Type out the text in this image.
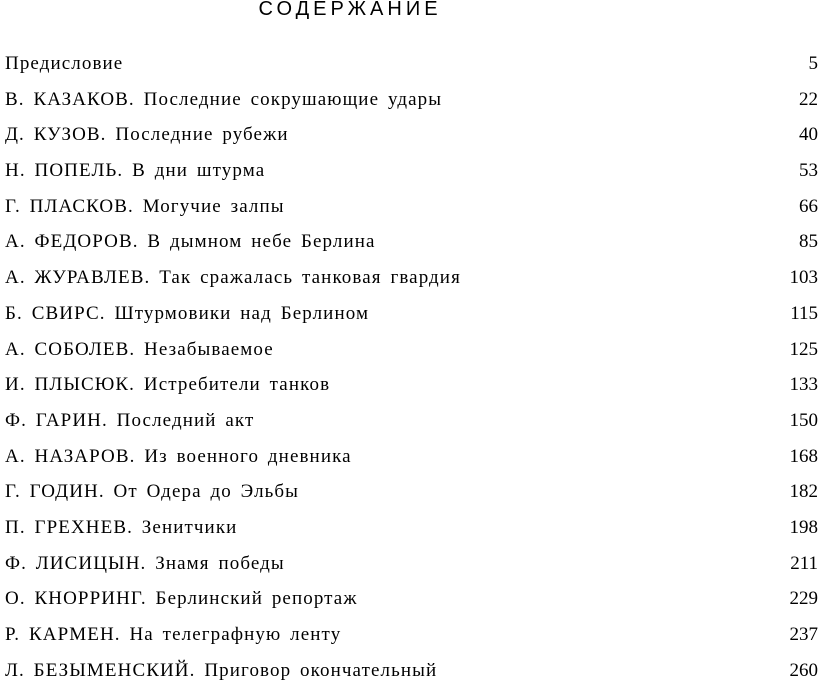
СОДЕРЖАНИЕ
Предисловие	5
В. КАЗАКОВ. Последние сокрушающие удары	22
Д. КУЗОВ. Последние рубежи	40
Н. ПОПЕЛЬ. В дни штурма	53
Г. ПЛАСКОВ. Могучие залпы	66
А. ФЕДОРОВ. В дымном небе Берлина	85
А. ЖУРАВЛЕВ. Так сражалась танковая гвардия	103
Б. СВИРС. Штурмовики над Берлином	115
А. СОБОЛЕВ. Незабываемое	125
И. ПЛЫСЮК. Истребители танков	133
Ф. ГАРИН. Последний акт	150
А. НАЗАРОВ. Из военного дневника	168
Г. ГОДИН. От Одера до Эльбы	182
П. ГРЕХНЕВ. Зенитчики	198
Ф. ЛИСИЦЫН. Знамя победы	211
О. КНОРРИНГ. Берлинский репортаж	229
Р. КАРМЕН. На телеграфную ленту	237
Л. БЕЗЫМЕНСКИЙ. Приговор окончательный	260
